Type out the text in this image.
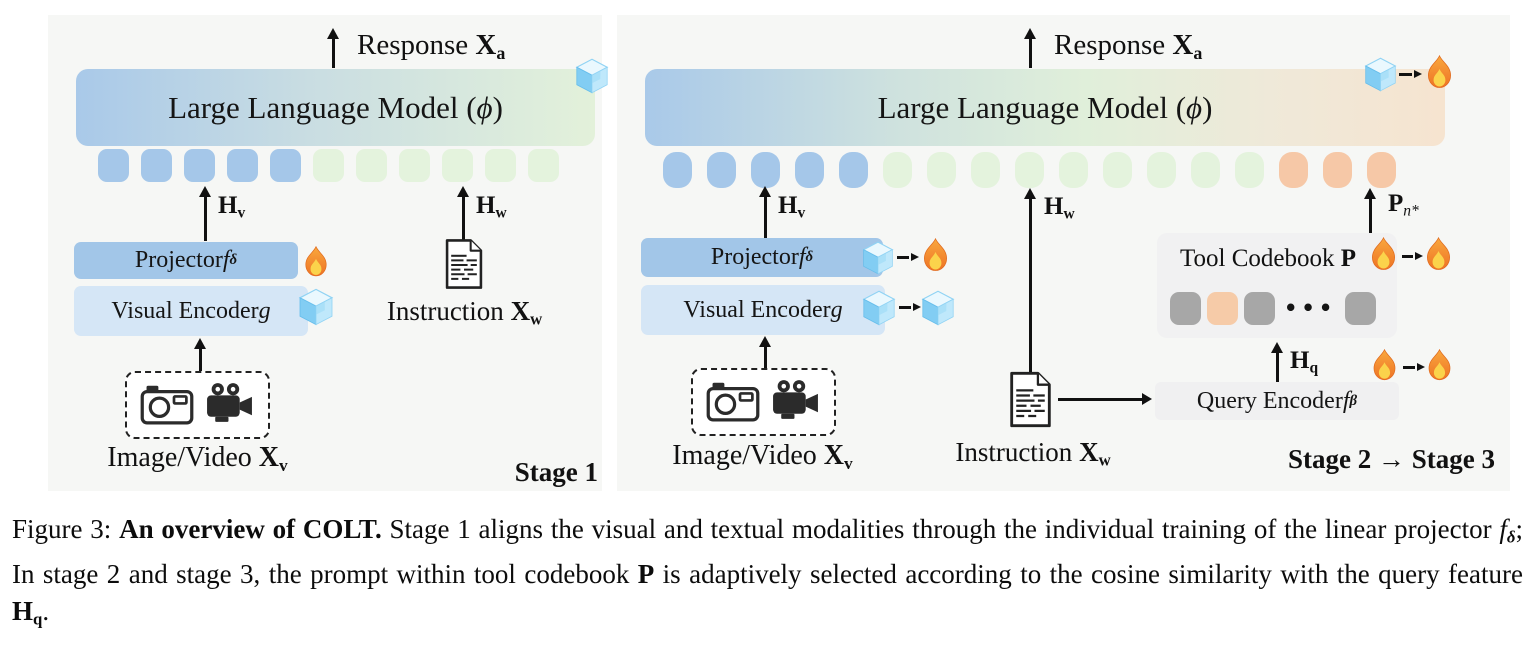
Response $X_a$
Large Language Model ( ϕ )
$H_v$	$H_w$
Projector f δ
Visual Encoder g
Image/Video $X_v$
Instruction $X_w$
Stage 1
Response $X_a$
Large Language Model ( ϕ )
$H_v$	$H_w$	$P_{n*}$
Projector f δ
Visual Encoder g
Image/Video $X_v$	Instruction $X_w$
Tool Codebook P
•••
$H_q$
Query Encoder f β
Stage 2 → Stage 3
Figure 3: An overview of COLT. Stage 1 aligns the visual and textual modalities through the individual training of the linear projector $f_\delta$; In stage 2 and stage 3, the prompt within tool codebook P is adaptively selected according to the cosine similarity with the query feature $H_q$.
